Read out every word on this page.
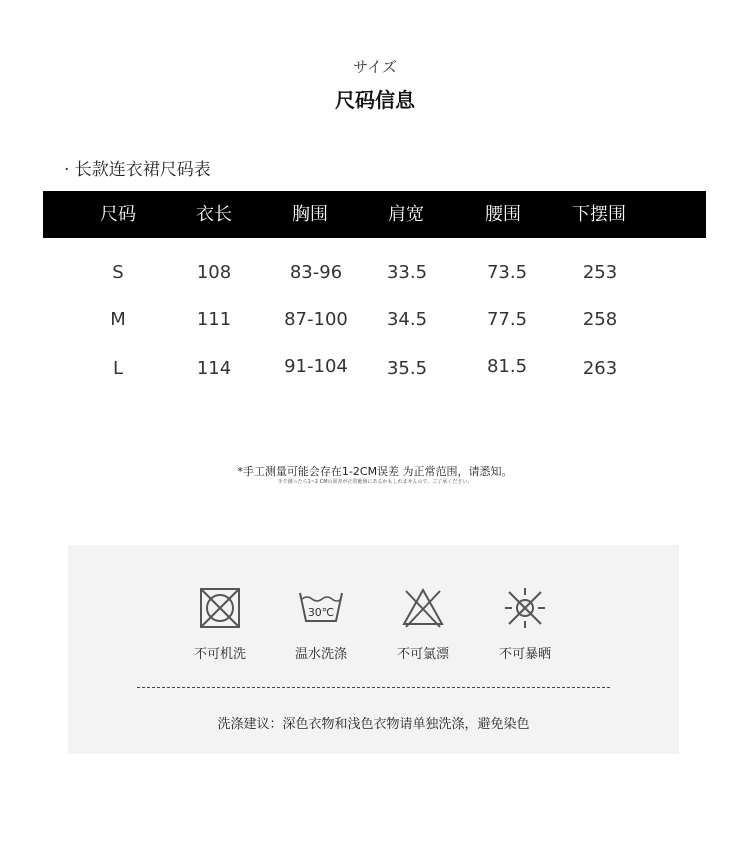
サイズ
尺码信息
· 长款连衣裙尺码表
尺码	衣长	胸围	肩宽	腰围	下摆围
S	108	83-96	33.5	73.5	253
M	111	87-100	34.5	77.5	258
L	114	91-104	35.5	81.5	263
*手工测量可能会存在1-2CM误差 为正常范围，请悉知。
手で測ったら1~2 CMの誤差が正常範囲にあるかもしれませんので、ご了承ください。
不可机洗
30℃
温水洗涤	不可氯漂	不可暴晒
洗涤建议：深色衣物和浅色衣物请单独洗涤，避免染色
